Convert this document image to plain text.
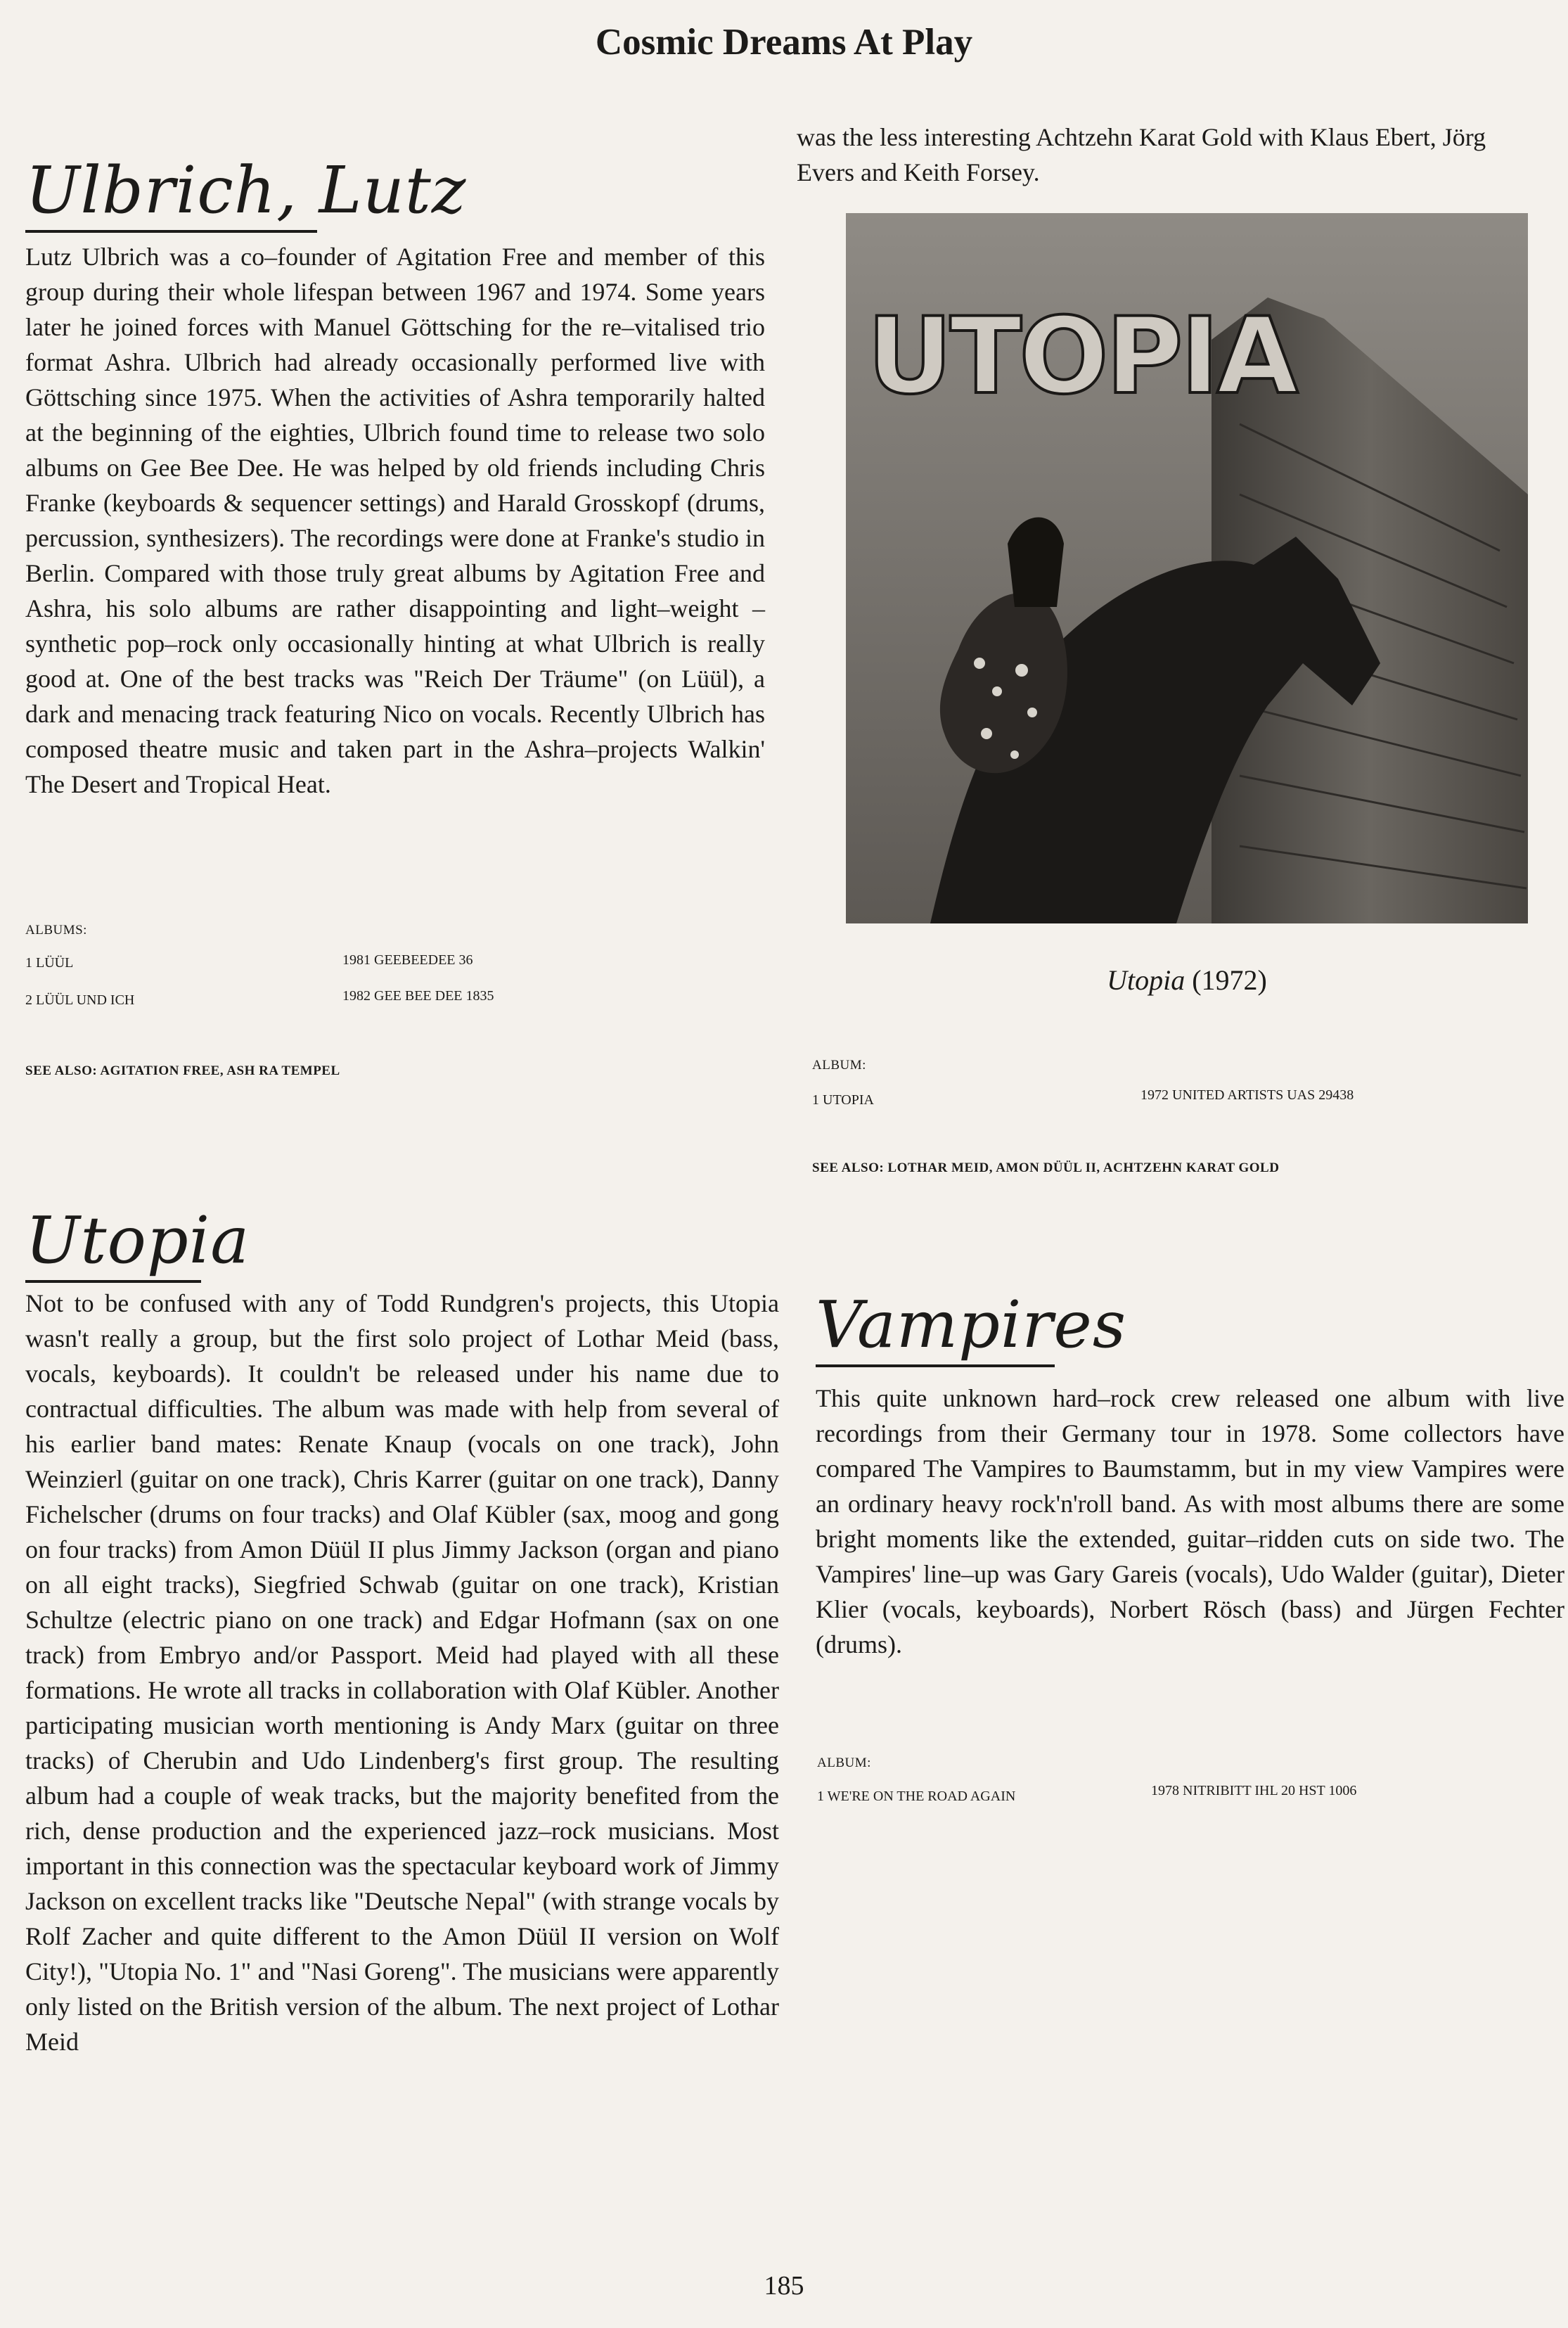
Cosmic Dreams At Play
Ulbrich, Lutz

Lutz Ulbrich was a co–founder of Agitation Free and member of this group during their whole lifespan between 1967 and 1974. Some years later he joined forces with Manuel Göttsching for the re–vitalised trio format Ashra. Ulbrich had already occasionally performed live with Göttsching since 1975. When the activities of Ashra temporarily halted at the beginning of the eighties, Ulbrich found time to release two solo albums on Gee Bee Dee. He was helped by old friends including Chris Franke (keyboards & sequencer settings) and Harald Grosskopf (drums, percussion, synthesizers). The recordings were done at Franke's studio in Berlin. Compared with those truly great albums by Agitation Free and Ashra, his solo albums are rather disappointing and light–weight – synthetic pop–rock only occasionally hinting at what Ulbrich is really good at. One of the best tracks was "Reich Der Träume" (on Lüül), a dark and menacing track featuring Nico on vocals. Recently Ulbrich has composed theatre music and taken part in the Ashra–projects Walkin' The Desert and Tropical Heat.

ALBUMS:
1 LÜÜL	1981 GEEBEEDEE 36
2 LÜÜL UND ICH	1982 GEE BEE DEE 1835
SEE ALSO: AGITATION FREE, ASH RA TEMPEL

was the less interesting Achtzehn Karat Gold with Klaus Ebert, Jörg Evers and Keith Forsey.

UTOPIA
Utopia (1972)
ALBUM:
1 UTOPIA	1972 UNITED ARTISTS UAS 29438
SEE ALSO: LOTHAR MEID, AMON DÜÜL II, ACHTZEHN KARAT GOLD
Utopia

Not to be confused with any of Todd Rundgren's projects, this Utopia wasn't really a group, but the first solo project of Lothar Meid (bass, vocals, keyboards). It couldn't be released under his name due to contractual difficulties. The album was made with help from several of his earlier band mates: Renate Knaup (vocals on one track), John Weinzierl (guitar on one track), Chris Karrer (guitar on one track), Danny Fichelscher (drums on four tracks) and Olaf Kübler (sax, moog and gong on four tracks) from Amon Düül II plus Jimmy Jackson (organ and piano on all eight tracks), Siegfried Schwab (guitar on one track), Kristian Schultze (electric piano on one track) and Edgar Hofmann (sax on one track) from Embryo and/or Passport. Meid had played with all these formations. He wrote all tracks in collaboration with Olaf Kübler. Another participating musician worth mentioning is Andy Marx (guitar on three tracks) of Cherubin and Udo Lindenberg's first group. The resulting album had a couple of weak tracks, but the majority benefited from the rich, dense production and the experienced jazz–rock musicians. Most important in this connection was the spectacular keyboard work of Jimmy Jackson on excellent tracks like "Deutsche Nepal" (with strange vocals by Rolf Zacher and quite different to the Amon Düül II version on Wolf City!), "Utopia No. 1" and "Nasi Goreng". The musicians were apparently only listed on the British version of the album. The next project of Lothar Meid

Vampires

This quite unknown hard–rock crew released one album with live recordings from their Germany tour in 1978. Some collectors have compared The Vampires to Baumstamm, but in my view Vampires were an ordinary heavy rock'n'roll band. As with most albums there are some bright moments like the extended, guitar–ridden cuts on side two. The Vampires' line–up was Gary Gareis (vocals), Udo Walder (guitar), Dieter Klier (vocals, keyboards), Norbert Rösch (bass) and Jürgen Fechter (drums).

ALBUM:
1 WE'RE ON THE ROAD AGAIN	1978 NITRIBITT IHL 20 HST 1006
185
